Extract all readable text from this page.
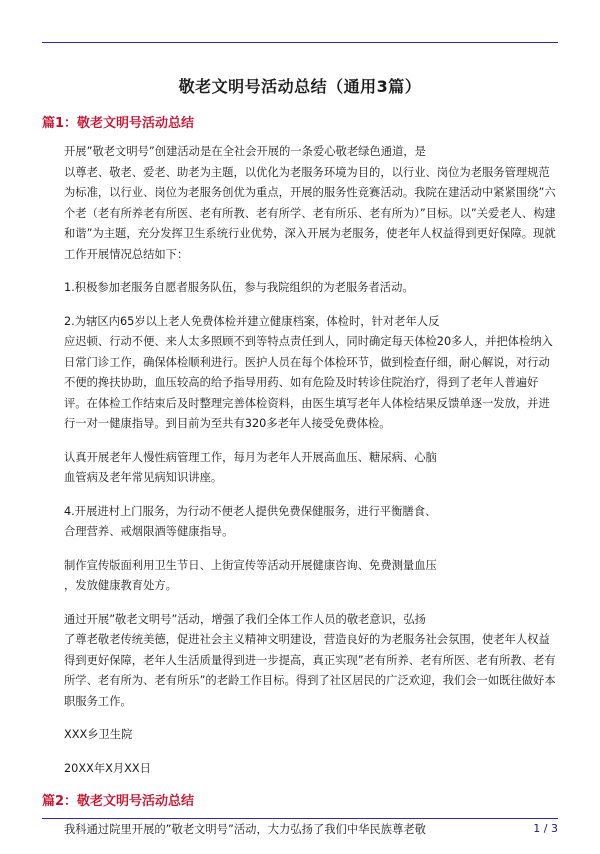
敬老文明号活动总结（通用3篇）
篇1：敬老文明号活动总结
开展”敬老文明号”创建活动是在全社会开展的一条爱心敬老绿色通道，是
以尊老、敬老、爱老、助老为主题，以优化为老服务环境为目的，以行业、岗位为老服务管理规范为标准，以行业、岗位为老服务创优为重点，开展的服务性竞赛活动。我院在建活动中紧紧围绕”六个老（老有所养老有所医、老有所教、老有所学、老有所乐、老有所为）”目标。以”关爱老人、构建和谐”为主题，充分发挥卫生系统行业优势，深入开展为老服务，使老年人权益得到更好保障。现就工作开展情况总结如下：
1.积极参加老服务自愿者服务队伍，参与我院组织的为老服务者活动。
2.为辖区内65岁以上老人免费体检并建立健康档案，体检时，针对老年人反
应迟顿、行动不便、来人太多照顾不到等特点责任到人，同时确定每天体检20多人，并把体检纳入日常门诊工作，确保体检顺利进行。医护人员在每个体检环节，做到检查仔细，耐心解说，对行动不便的搀扶协助，血压较高的给予指导用药、如有危险及时转诊住院治疗，得到了老年人普遍好评。在体检工作结束后及时整理完善体检资料，由医生填写老年人体检结果反馈单逐一发放，并进行一对一健康指导。到目前为至共有320多老年人接受免费体检。
认真开展老年人慢性病管理工作，每月为老年人开展高血压、糖尿病、心脑
血管病及老年常见病知识讲座。
4.开展进村上门服务，为行动不便老人提供免费保健服务，进行平衡膳食、
合理营养、戒烟限酒等健康指导。
制作宣传版面利用卫生节日、上街宣传等活动开展健康咨询、免费测量血压
，发放健康教育处方。
通过开展”敬老文明号”活动，增强了我们全体工作人员的敬老意识，弘扬
了尊老敬老传统美德，促进社会主义精神文明建设，营造良好的为老服务社会氛围，使老年人权益得到更好保障，老年人生活质量得到进一步提高，真正实现”老有所养、老有所医、老有所教、老有所学、老有所为、老有所乐”的老龄工作目标。得到了社区居民的广泛欢迎，我们会一如既往做好本职服务工作。
XXX乡卫生院
20XX年X月XX日
篇2：敬老文明号活动总结
我科通过院里开展的”敬老文明号”活动，大力弘扬了我们中华民族尊老敬	1 / 3
